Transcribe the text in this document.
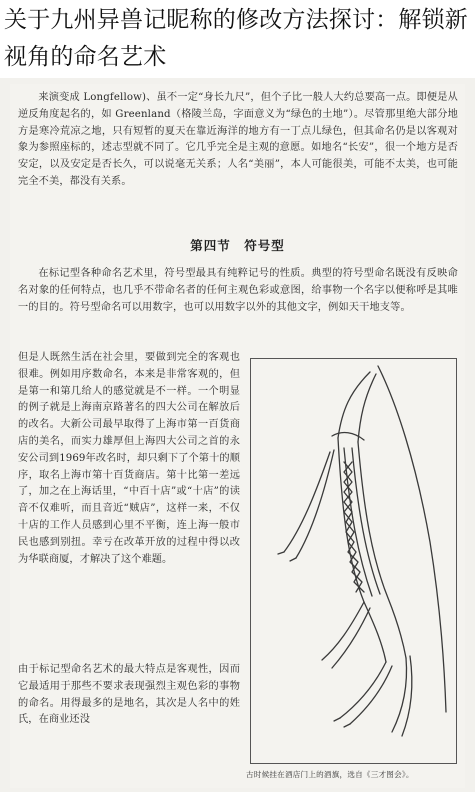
关于九州异兽记昵称的修改方法探讨：解锁新视角的命名艺术
来演变成 Longfellow)、虽不一定“身长九尺”，但个子比一般人大约总要高一点。即便是从逆反角度起名的，如 Greenland（格陵兰岛，字面意义为“绿色的土地”）。尽管那里绝大部分地方是寒冷荒凉之地，只有短暂的夏天在靠近海洋的地方有一丁点儿绿色，但其命名仍是以客观对象为参照座标的，述志型就不同了。它几乎完全是主观的意愿。如地名“长安”，很一个地方是否安定，以及安定是否长久，可以说毫无关系；人名“美丽”，本人可能很美，可能不太美，也可能完全不美，都没有关系。
第四节　符号型
在标记型各种命名艺术里，符号型最具有纯粹记号的性质。典型的符号型命名既没有反映命名对象的任何特点，也几乎不带命名者的任何主观色彩或意图，给事物一个名字以便称呼是其唯一的目的。符号型命名可以用数字，也可以用数字以外的其他文字，例如天干地支等。
但是人既然生活在社会里，要做到完全的客观也很难。例如用序数命名，本来是非常客观的，但是第一和第几给人的感觉就是不一样。一个明显的例子就是上海南京路著名的四大公司在解放后的改名。大新公司最早取得了上海市第一百货商店的美名，而实力雄厚但上海四大公司之首的永安公司到1969年改名时，却只剩下了个第十的顺序，取名上海市第十百货商店。第十比第一差远了，加之在上海话里，“中百十店”或“十店”的读音不仅难听，而且音近“贼店”，这样一来，不仅十店的工作人员感到心里不平衡，连上海一般市民也感到别扭。幸亏在改革开放的过程中得以改为华联商厦，才解决了这个难题。
由于标记型命名艺术的最大特点是客观性，因而它最适用于那些不要求表现强烈主观色彩的事物的命名。用得最多的是地名，其次是人名中的姓氏，在商业还没
古时候挂在酒店门上的酒旗，选自《三才图会》。
